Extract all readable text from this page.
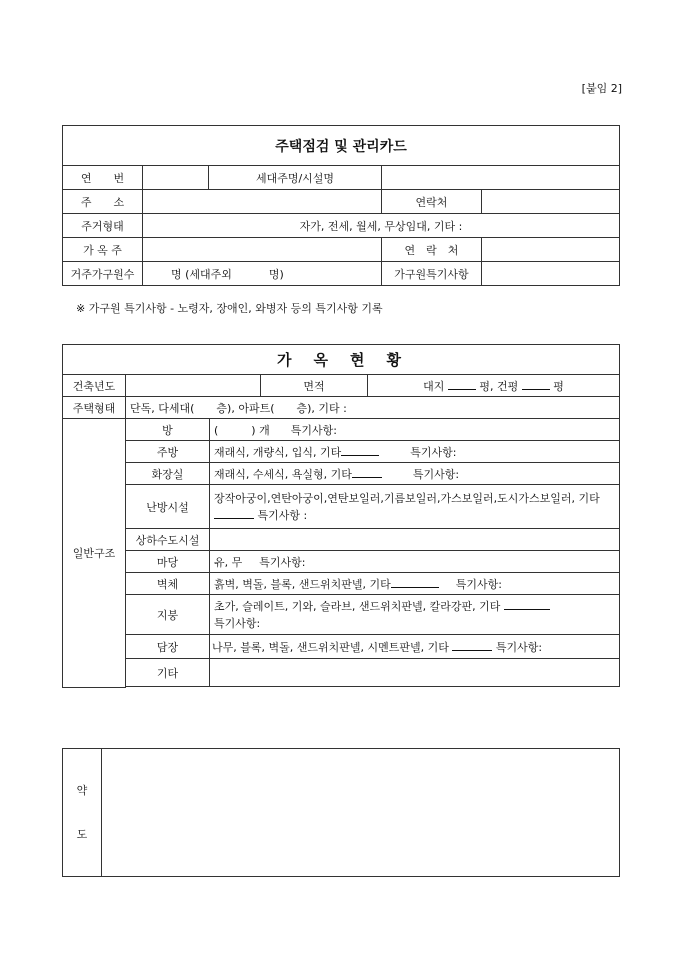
[붙임 2]
주택점검 및 관리카드				
연　　번		세대주명/시설명		
주　　소			연락처	
주거형태	자가, 전세, 월세, 무상임대, 기타 :			
가 옥 주			연　락　처	
거주가구원수	명 (세대주외 명)		가구원특기사항	
※ 가구원 특기사항 - 노령자, 장애인, 와병자 등의 특기사항 기록
가옥현황				
건축년도			면적	대지 평, 건평 평
주택형태	단독, 다세대(　　층), 아파트(　　층), 기타 :			
일반구조	방	(　　　) 개 특기사항:		
	주방	재래식, 개량식, 입식, 기타 특기사항:		
	화장실	재래식, 수세식, 욕실형, 기타 특기사항:		
	난방시설	장작아궁이,연탄아궁이,연탄보일러,기름보일러,가스보일러,도시가스보일러, 기타  특기사항 :		
	상하수도시설			
	마당	유, 무 특기사항:		
	벽체	흙벽, 벽돌, 블록, 샌드위치판넬, 기타 특기사항:		
	지붕	초가, 슬레이트, 기와, 슬라브, 샌드위치판넬, 칼라강판, 기타
특기사항:		
	담장	나무, 블록, 벽돌, 샌드위치판넬, 시멘트판넬, 기타 특기사항:		
	기타			

약

도	
